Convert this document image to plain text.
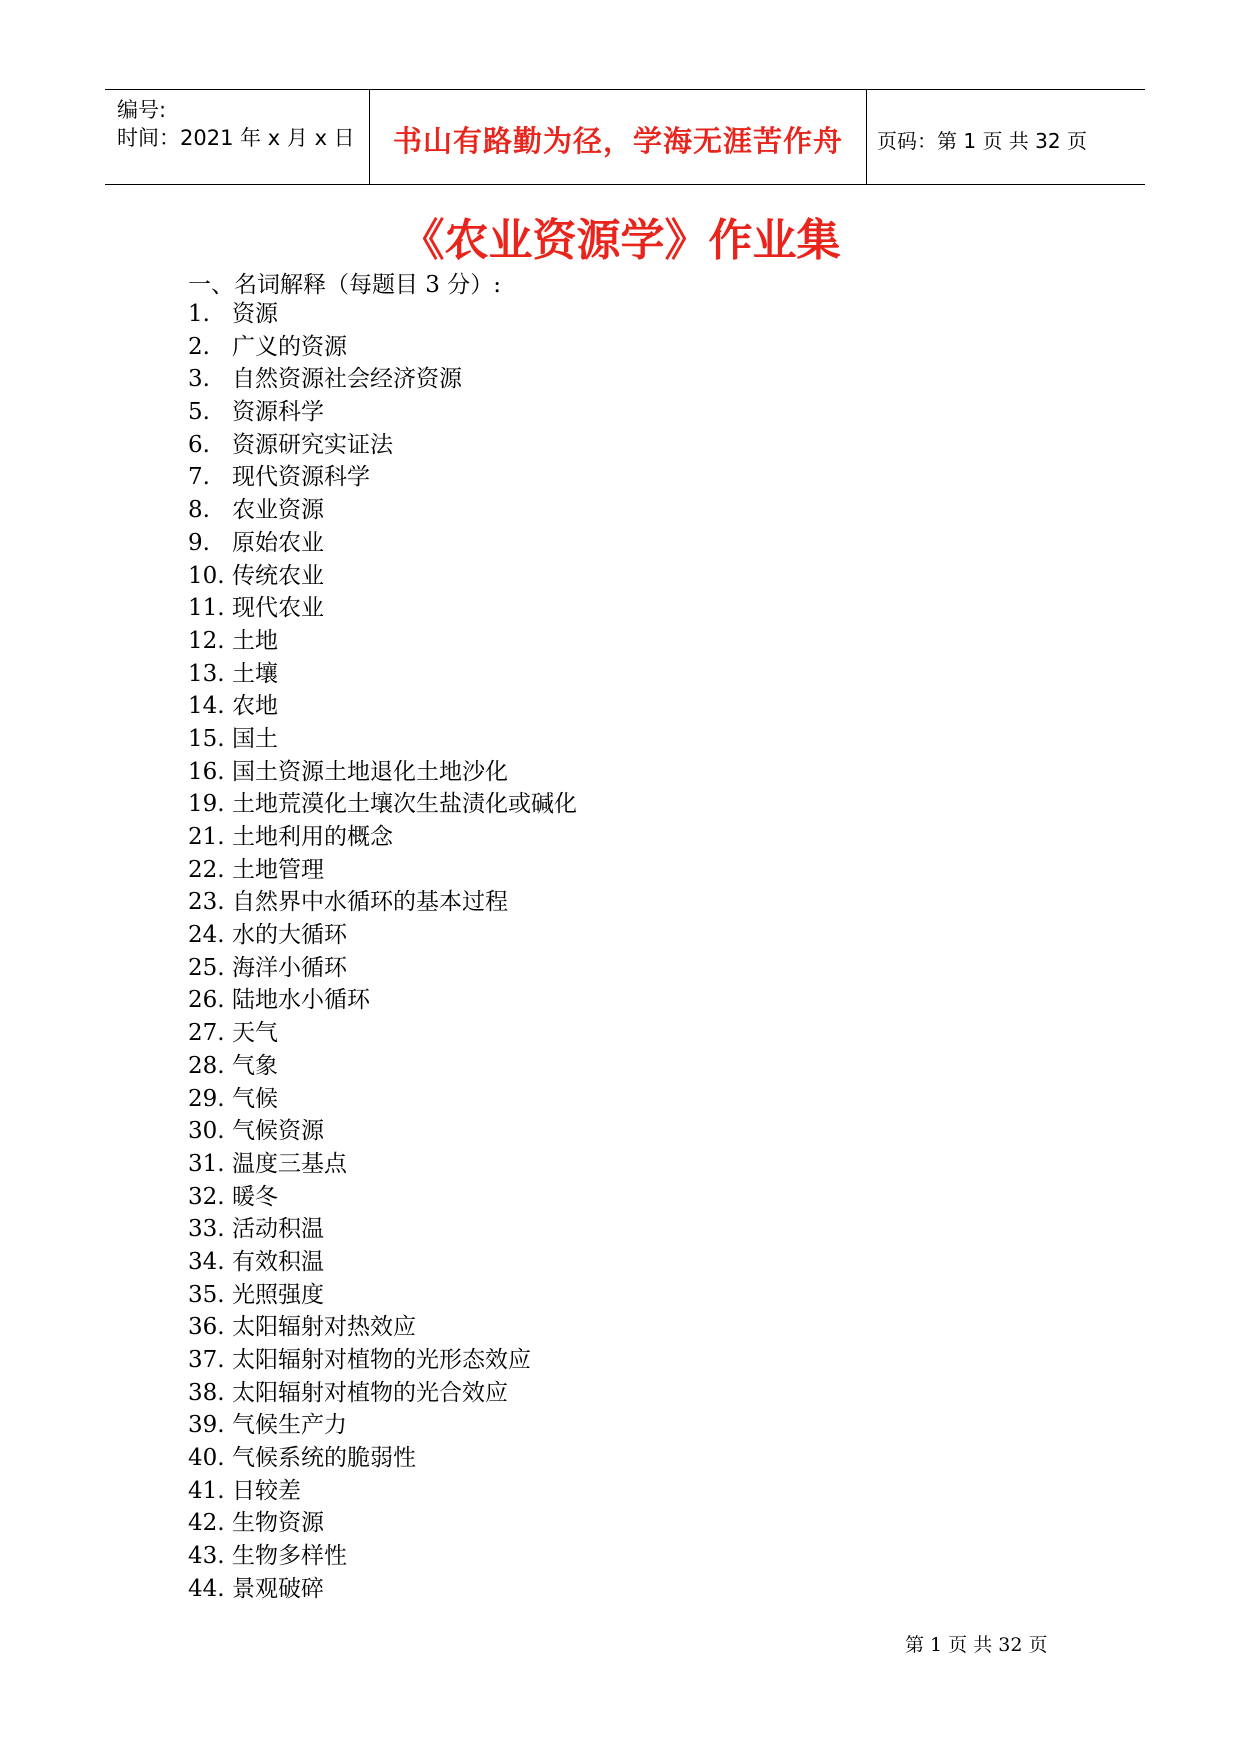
编号:
时间：2021 年 x 月 x 日	书山有路勤为径，学海无涯苦作舟	页码：第 1 页 共 32 页
《农业资源学》作业集
一、名词解释（每题目 3 分）:
1. 资源
2. 广义的资源
3. 自然资源社会经济资源
5. 资源科学
6. 资源研究实证法
7. 现代资源科学
8. 农业资源
9. 原始农业
10. 传统农业
11. 现代农业
12. 土地
13. 土壤
14. 农地
15. 国土
16. 国土资源土地退化土地沙化
19. 土地荒漠化土壤次生盐渍化或碱化
21. 土地利用的概念
22. 土地管理
23. 自然界中水循环的基本过程
24. 水的大循环
25. 海洋小循环
26. 陆地水小循环
27. 天气
28. 气象
29. 气候
30. 气候资源
31. 温度三基点
32. 暖冬
33. 活动积温
34. 有效积温
35. 光照强度
36. 太阳辐射对热效应
37. 太阳辐射对植物的光形态效应
38. 太阳辐射对植物的光合效应
39. 气候生产力
40. 气候系统的脆弱性
41. 日较差
42. 生物资源
43. 生物多样性
44. 景观破碎
第 1 页 共 32 页
